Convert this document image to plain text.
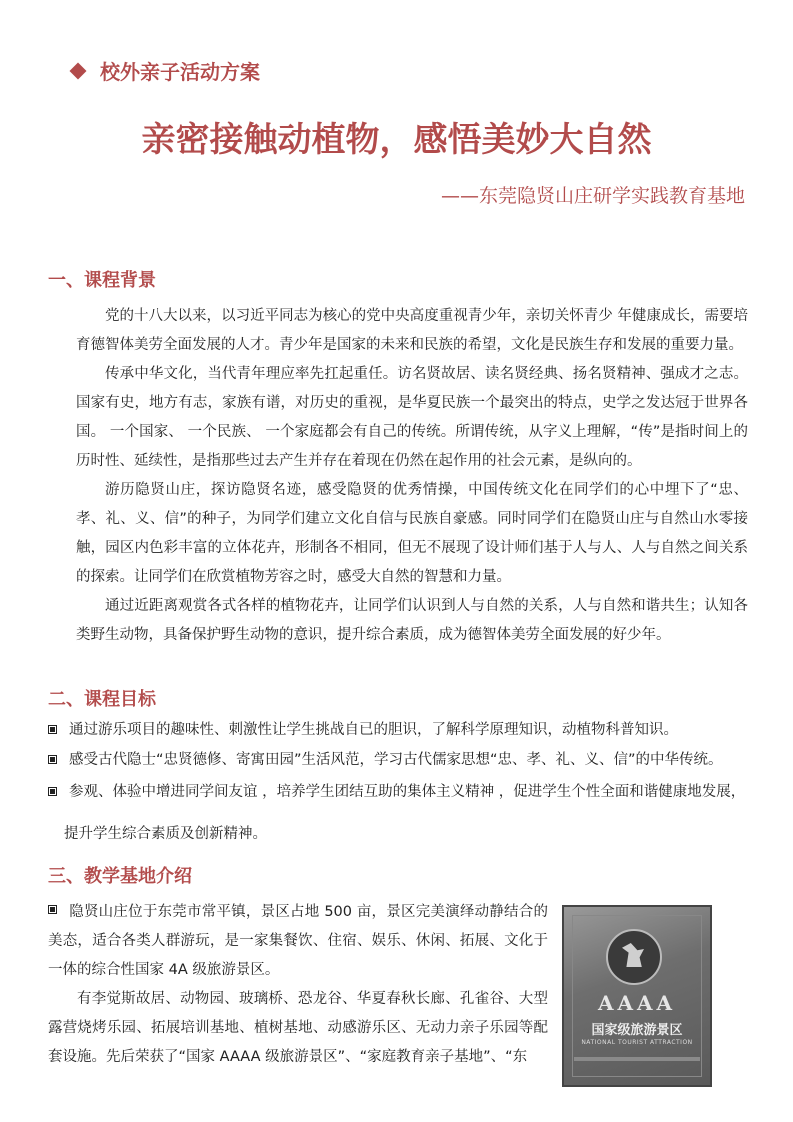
校外亲子活动方案
亲密接触动植物，感悟美妙大自然
——东莞隐贤山庄研学实践教育基地
一、课程背景

党的十八大以来，以习近平同志为核心的党中央高度重视青少年，亲切关怀青少 年健康成长，需要培育德智体美劳全面发展的人才。青少年是国家的未来和民族的希望，文化是民族生存和发展的重要力量。

传承中华文化，当代青年理应率先扛起重任。访名贤故居、读名贤经典、扬名贤精神、强成才之志。国家有史，地方有志，家族有谱，对历史的重视，是华夏民族一个最突出的特点，史学之发达冠于世界各国。 一个国家、 一个民族、 一个家庭都会有自己的传统。所谓传统，从字义上理解，“传”是指时间上的历时性、延续性，是指那些过去产生并存在着现在仍然在起作用的社会元素，是纵向的。

游历隐贤山庄，探访隐贤名迹，感受隐贤的优秀情操，中国传统文化在同学们的心中埋下了“忠、孝、礼、义、信”的种子，为同学们建立文化自信与民族自豪感。同时同学们在隐贤山庄与自然山水零接触，园区内色彩丰富的立体花卉，形制各不相同，但无不展现了设计师们基于人与人、人与自然之间关系的探索。让同学们在欣赏植物芳容之时，感受大自然的智慧和力量。

通过近距离观赏各式各样的植物花卉，让同学们认识到人与自然的关系，人与自然和谐共生；认知各类野生动物，具备保护野生动物的意识，提升综合素质，成为德智体美劳全面发展的好少年。

二、课程目标
通过游乐项目的趣味性、刺激性让学生挑战自已的胆识，了解科学原理知识，动植物科普知识。
感受古代隐士“忠贤德修、寄寓田园”生活风范，学习古代儒家思想“忠、孝、礼、义、信”的中华传统。
参观、体验中增进同学间友谊 ，培养学生团结互助的集体主义精神 ，促进学生个性全面和谐健康地发展，
提升学生综合素质及创新精神。
三、教学基地介绍

隐贤山庄位于东莞市常平镇，景区占地 500 亩，景区完美演绎动静结合的美态，适合各类人群游玩，是一家集餐饮、住宿、娱乐、休闲、拓展、文化于一体的综合性国家 4A 级旅游景区。

有李觉斯故居、动物园、玻璃桥、恐龙谷、华夏春秋长廊、孔雀谷、大型露营烧烤乐园、拓展培训基地、植树基地、动感游乐区、无动力亲子乐园等配套设施。先后荣获了“国家 AAAA 级旅游景区”、“家庭教育亲子基地”、“东

AAAA
国家级旅游景区
NATIONAL TOURIST ATTRACTION
